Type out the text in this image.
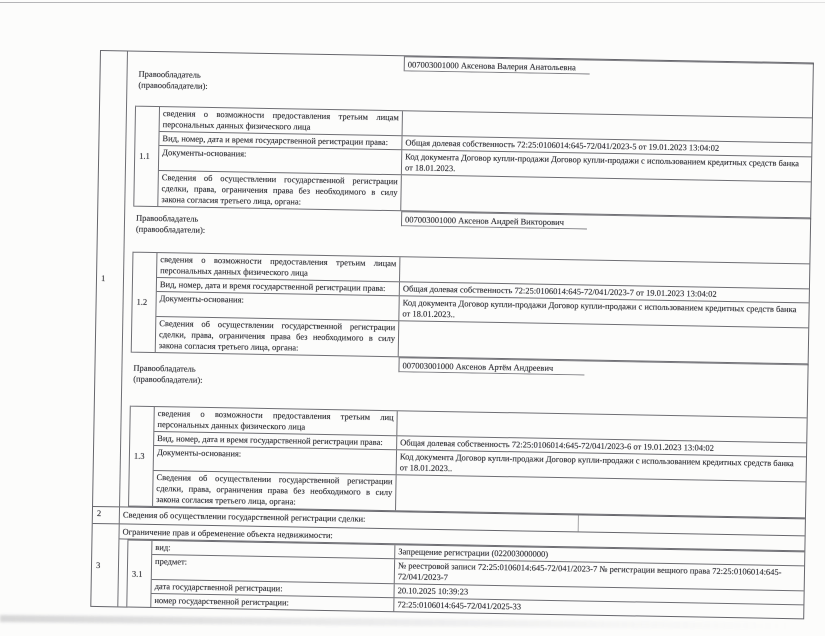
1
Правообладатель
(правообладатели):
007003001000 Аксенова Валерия Анатольевна
1.1
сведения о возможности предоставления третьим лицам персональных данных физического лица
Вид, номер, дата и время государственной регистрации права:	Общая долевая собственность 72:25:0106014:645-72/041/2023-5 от 19.01.2023 13:04:02
Документы-основания:	Код документа Договор купли-продажи Договор купли-продажи с использованием кредитных средств банка от 18.01.2023.
Сведения об осуществлении государственной регистрации сделки, права, ограничения права без необходимого в силу закона согласия третьего лица, органа:
Правообладатель
(правообладатели):
007003001000 Аксенов Андрей Викторович
1.2
сведения о возможности предоставления третьим лицам персональных данных физического лица
Вид, номер, дата и время государственной регистрации права:	Общая долевая собственность 72:25:0106014:645-72/041/2023-7 от 19.01.2023 13:04:02
Документы-основания:	Код документа Договор купли-продажи Договор купли-продажи с использованием кредитных средств банка от 18.01.2023..
Сведения об осуществлении государственной регистрации сделки, права, ограничения права без необходимого в силу закона согласия третьего лица, органа:
Правообладатель
(правообладатели):
007003001000 Аксенов Артём Андреевич
1.3
сведения о возможности предоставления третьим лиц персональных данных физического лица
Вид, номер, дата и время государственной регистрации права:	Общая долевая собственность 72:25:0106014:645-72/041/2023-6 от 19.01.2023 13:04:02
Документы-основания:	Код документа Договор купли-продажи Договор купли-продажи с использованием кредитных средств банка от 18.01.2023..
Сведения об осуществлении государственной регистрации сделки, права, ограничения права без необходимого в силу закона согласия третьего лица, органа:
2	Сведения об осуществлении государственной регистрации сделки:
3
Ограничение прав и обременение объекта недвижимости:
3.1
вид:	Запрещение регистрации (022003000000)
предмет:	№ реестровой записи 72:25:0106014:645-72/041/2023-7 № регистрации вещного права 72:25:0106014:645-72/041/2023-7
дата государственной регистрации:	20.10.2025 10:39:23
номер государственной регистрации:	72:25:0106014:645-72/041/2025-33
